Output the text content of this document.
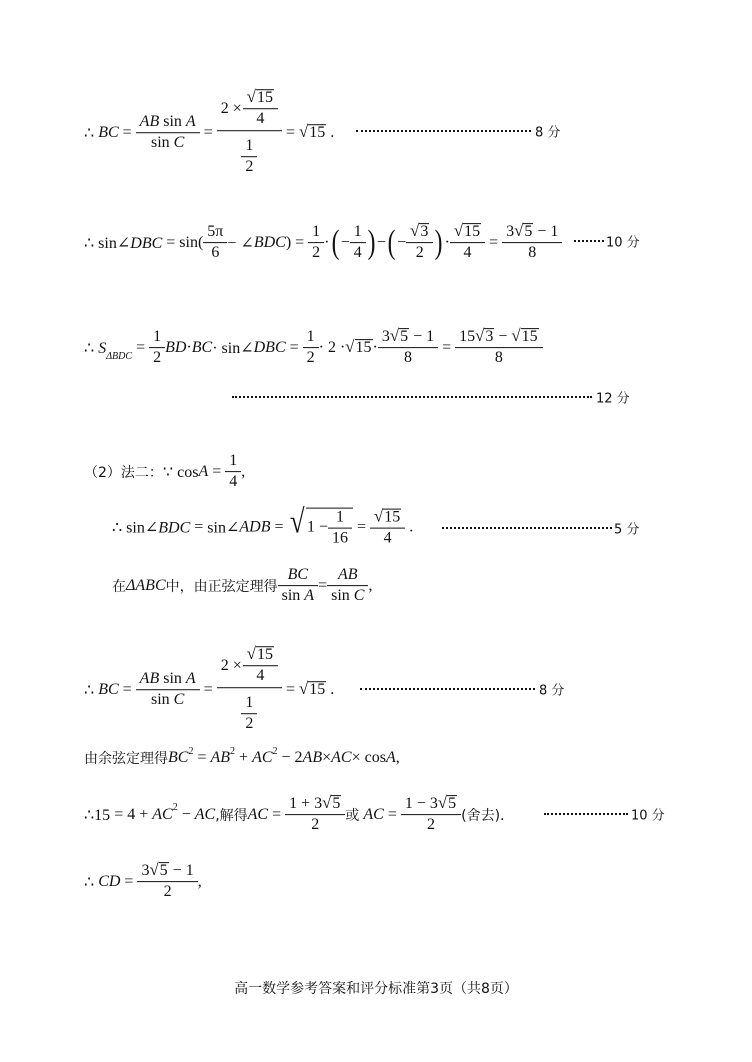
∴ BC = $\frac{\text{AB sin A}}{\text{sin C}} = \frac{2 \times \frac{√ 15}{4}}{\frac{1}{2}}$ = √ 15 .	8 分
∴ sin∠DBC = $\sin( \frac{5\pi}{6}$ − ∠ BDC ) = $\frac{1}{2}$ · ( − $\frac{1}{4}$ ) − ( − $\frac{√ 3}{2}$ ) · $\frac{√ 15}{4} = \frac{3 √ 5 - 1}{8}$	10 分
∴ $S_{\Delta BDC}$
= $\frac{1}{2}$ BD · BC · sin∠ DBC = $\frac{1}{2} \cdot 2$ · √ $15 \cdot \frac{3 √ 5 - 1}{8} = \frac{15 √ 3 - √ 15}{8}$
12 分
（2）法二： ∵ $\cos A = \frac{1}{4}$ ,
∴ sin∠BDC = sin∠ ADB = √ $1 - \frac{1}{16} = \frac{√ 15}{4}$ .	5 分
在 ΔABC 中，由正弦定理得 $\frac{BC}{\text{sin A}} = \frac{AB}{\text{sin C}}$ ,
∴ BC = $\frac{\text{AB sin A}}{\text{sin C}} = \frac{2 \times \frac{√ 15}{4}}{\frac{1}{2}}$ = √ 15 .	8 分
由余弦定理得 BC 2 = AB 2 + AC 2 − 2 AB × AC × cos A ,
∴15 = 4 + AC 2 − AC ,解得 AC = $\frac{1 + 3 √ 5}{2}$ 或 AC = $\frac{1 - 3 √ 5}{2}$ (舍去).	10 分
∴ CD = $\frac{3 √ 5 - 1}{2}$ ,
高一数学参考答案和评分标准第3页（共8页）
